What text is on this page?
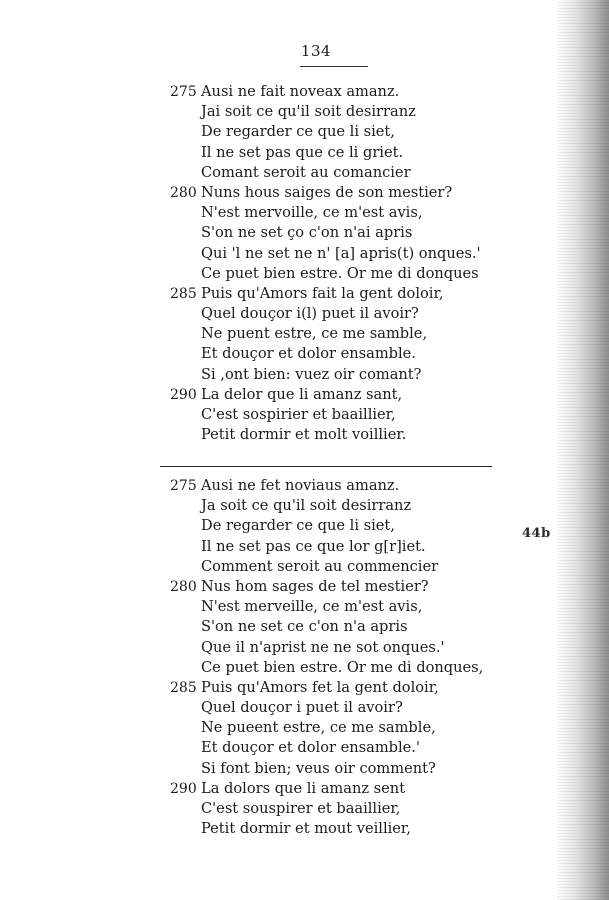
134
275 Ausi ne fait noveax amanz.
Jai soit ce qu'il soit desirranz
De regarder ce que li siet,
Il ne set pas que ce li griet.
Comant seroit au comancier
280 Nuns hous saiges de son mestier?
N'est mervoille, ce m'est avis,
S'on ne set ço c'on n'ai apris
Qui 'l ne set ne n' [a] apris(t) onques.'
Ce puet bien estre. Or me di donques
285 Puis qu'Amors fait la gent doloir,
Quel douçor i(l) puet il avoir?
Ne puent estre, ce me samble,
Et douçor et dolor ensamble.
Si ,ont bien: vuez oir comant?
290 La delor que li amanz sant,
C'est sospirier et baaillier,
Petit dormir et molt voillier.
44b
275 Ausi ne fet noviaus amanz.
Ja soit ce qu'il soit desirranz
De regarder ce que li siet,
Il ne set pas ce que lor g[r]iet.
Comment seroit au commencier
280 Nus hom sages de tel mestier?
N'est merveille, ce m'est avis,
S'on ne set ce c'on n'a apris
Que il n'aprist ne ne sot onques.'
Ce puet bien estre. Or me di donques,
285 Puis qu'Amors fet la gent doloir,
Quel douçor i puet il avoir?
Ne pueent estre, ce me samble,
Et douçor et dolor ensamble.'
Si font bien; veus oir comment?
290 La dolors que li amanz sent
C'est souspirer et baaillier,
Petit dormir et mout veillier,
